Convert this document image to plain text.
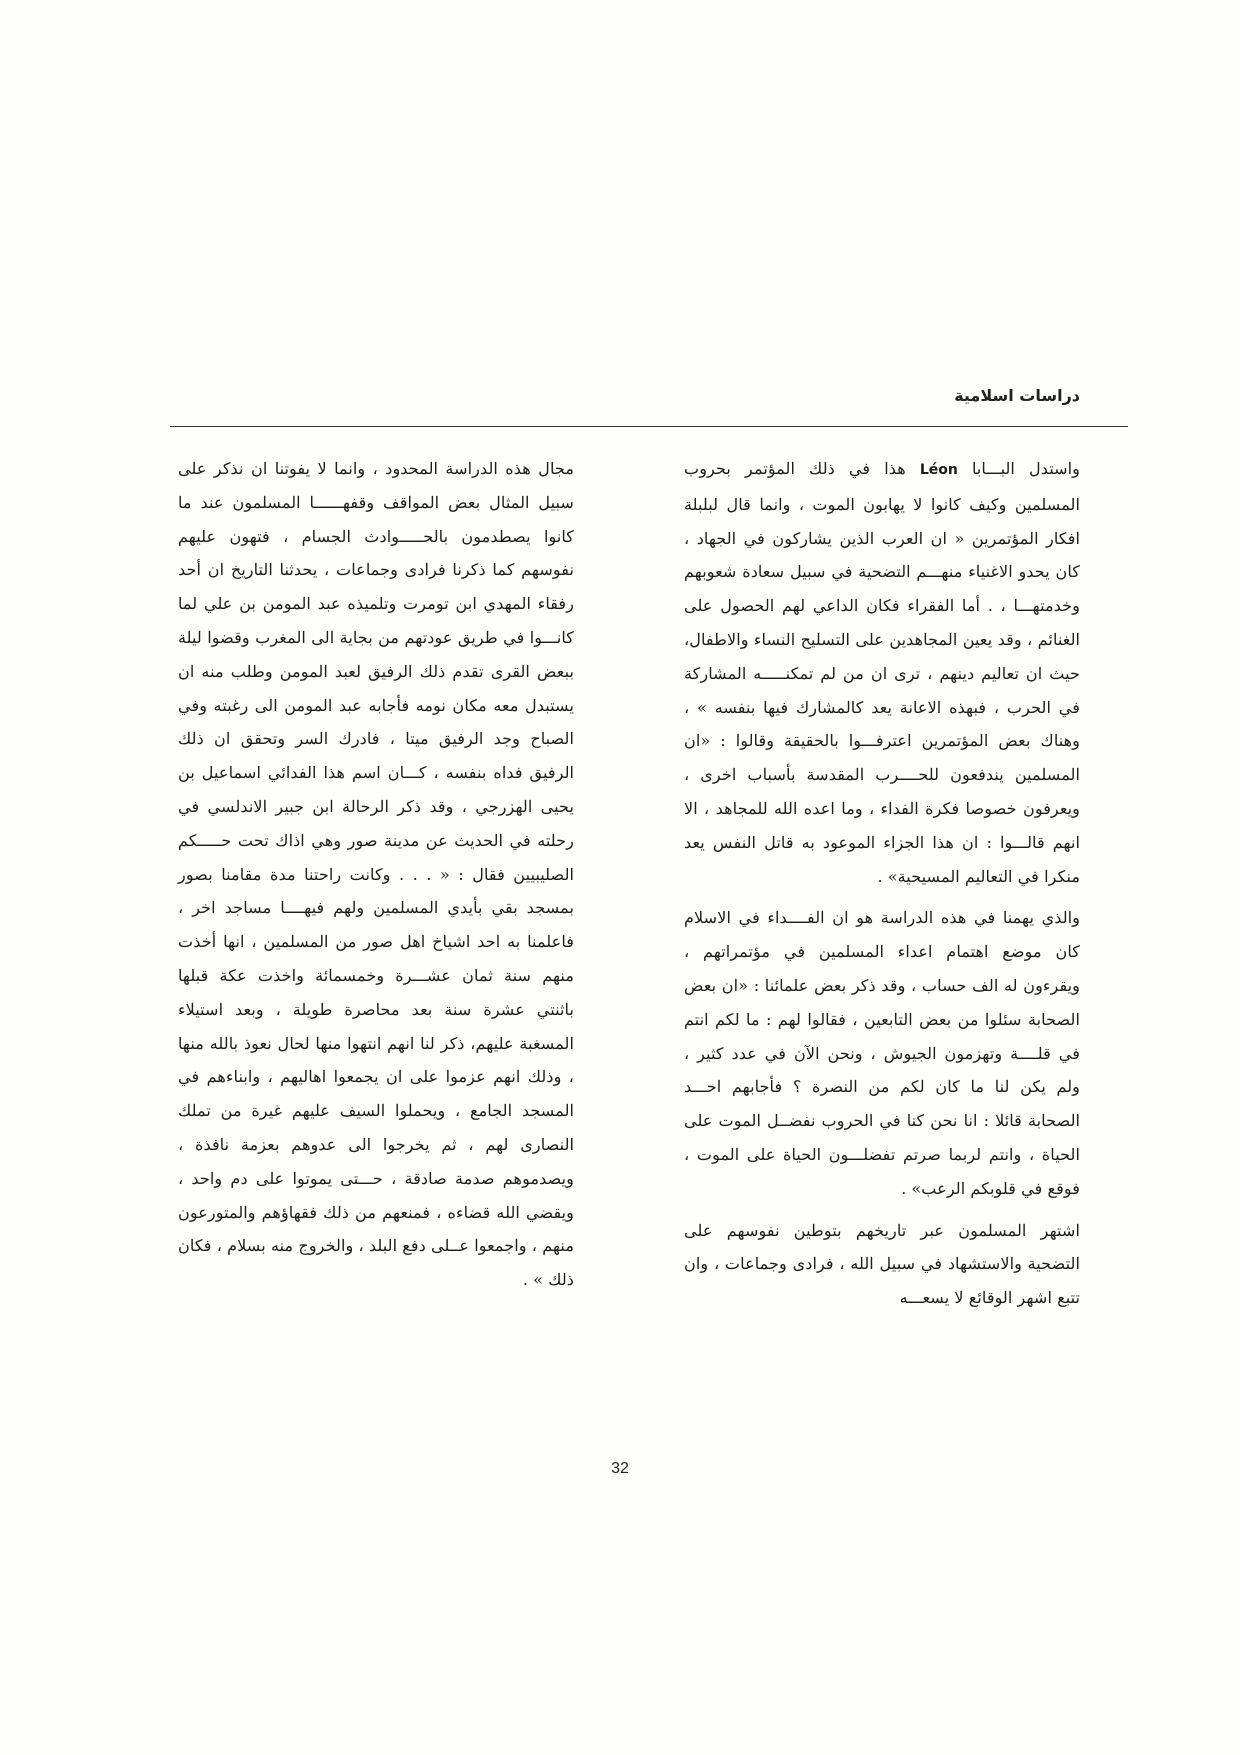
دراسات اسلامية

واستدل البـــابا Léon هذا في ذلك المؤتمر بحروب المسلمين وكيف كانوا لا يهابون الموت ، وانما قال لبلبلة افكار المؤتمرين « ان العرب الذين يشاركون في الجهاد ، كان يحدو الاغنياء منهـــم التضحية في سبيل سعادة شعوبهم وخدمتهـــا ، . أما الفقراء فكان الداعي لهم الحصول على الغنائم ، وقد يعين المجاهدين على التسليح النساء والاطفال، حيث ان تعاليم دينهم ، ترى ان من لم تمكنـــــه المشاركة في الحرب ، فبهذه الاعانة يعد كالمشارك فيها بنفسه » ، وهناك بعض المؤتمرين اعترفـــوا بالحقيقة وقالوا : «ان المسلمين يندفعون للحــــرب المقدسة بأسباب اخرى ، ويعرفون خصوصا فكرة الفداء ، وما اعده الله للمجاهد ، الا انهم قالـــوا : ان هذا الجزاء الموعود به قاتل النفس يعد منكرا في التعاليم المسيحية» .

والذي يهمنا في هذه الدراسة هو ان الفــــداء في الاسلام كان موضع اهتمام اعداء المسلمين في مؤتمراتهم ، ويقرءون له الف حساب ، وقد ذكر بعض علمائنا : «ان بعض الصحابة سئلوا من بعض التابعين ، فقالوا لهم : ما لكم انتم في قلــــة وتهزمون الجيوش ، ونحن الآن في عدد كثير ، ولم يكن لنا ما كان لكم من النصرة ؟ فأجابهم احـــد الصحابة قائلا : انا نحن كنا في الحروب نفضــل الموت على الحياة ، وانتم لربما صرتم تفضلـــون الحياة على الموت ، فوقع في قلوبكم الرعب» .

اشتهر المسلمون عبر تاريخهم بتوطين نفوسهم على التضحية والاستشهاد في سبيل الله ، فرادى وجماعات ، وان تتبع اشهر الوقائع لا يسعـــه

مجال هذه الدراسة المحدود ، وانما لا يفوتنا ان نذكر على سبيل المثال بعض المواقف وقفهــــــا المسلمون عند ما كانوا يصطدمون بالحـــــوادث الجسام ، فتهون عليهم نفوسهم كما ذكرنا فرادى وجماعات ، يحدثنا التاريخ ان أحد رفقاء المهدي ابن تومرت وتلميذه عبد المومن بن علي لما كانـــوا في طريق عودتهم من بجاية الى المغرب وقضوا ليلة ببعض القرى تقدم ذلك الرفيق لعبد المومن وطلب منه ان يستبدل معه مكان نومه فأجابه عبد المومن الى رغبته وفي الصباح وجد الرفيق ميتا ، فادرك السر وتحقق ان ذلك الرفيق فداه بنفسه ، كـــان اسم هذا الفدائي اسماعيل بن يحيى الهزرجي ، وقد ذكر الرحالة ابن جبير الاندلسي في رحلته في الحديث عن مدينة صور وهي اذاك تحت حـــــكم الصليبيين فقال : « . . . وكانت راحتنا مدة مقامنا بصور بمسجد بقي بأيدي المسلمين ولهم فيهــــا مساجد اخر ، فاعلمنا به احد اشياخ اهل صور من المسلمين ، انها أخذت منهم سنة ثمان عشـــرة وخمسمائة واخذت عكة قبلها باثنتي عشرة سنة بعد محاصرة طويلة ، وبعد استيلاء المسغبة عليهم، ذكر لنا انهم انتهوا منها لحال نعوذ بالله منها ، وذلك انهم عزموا على ان يجمعوا اهاليهم ، وابناءهم في المسجد الجامع ، ويحملوا السيف عليهم غيرة من تملك النصارى لهم ، ثم يخرجوا الى عدوهم بعزمة نافذة ، ويصدموهم صدمة صادقة ، حـــتى يموتوا على دم واحد ، ويقضي الله قضاءه ، فمنعهم من ذلك فقهاؤهم والمتورعون منهم ، واجمعوا عــلى دفع البلد ، والخروج منه بسلام ، فكان ذلك » .

32
